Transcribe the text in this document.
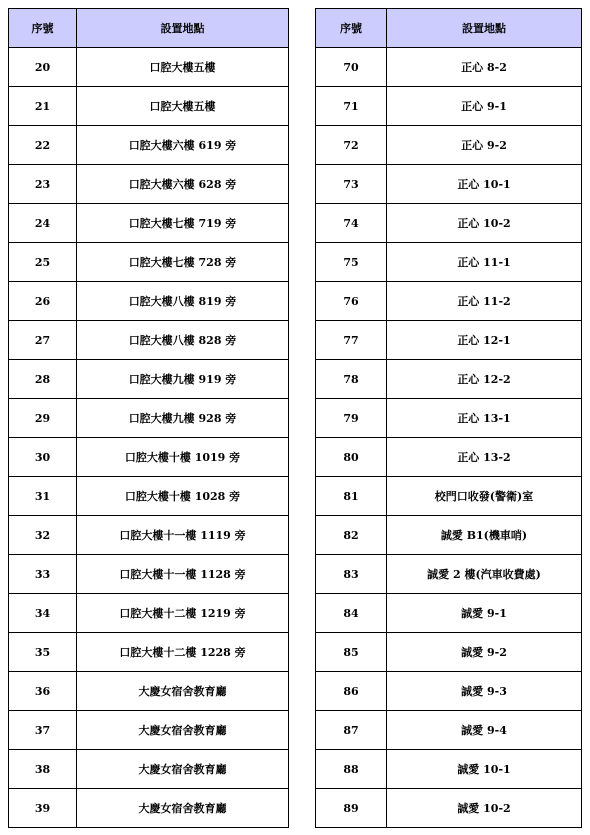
序號	設置地點
20	口腔大樓五樓
21	口腔大樓五樓
22	口腔大樓六樓 619 旁
23	口腔大樓六樓 628 旁
24	口腔大樓七樓 719 旁
25	口腔大樓七樓 728 旁
26	口腔大樓八樓 819 旁
27	口腔大樓八樓 828 旁
28	口腔大樓九樓 919 旁
29	口腔大樓九樓 928 旁
30	口腔大樓十樓 1019 旁
31	口腔大樓十樓 1028 旁
32	口腔大樓十一樓 1119 旁
33	口腔大樓十一樓 1128 旁
34	口腔大樓十二樓 1219 旁
35	口腔大樓十二樓 1228 旁
36	大慶女宿舍教育廳
37	大慶女宿舍教育廳
38	大慶女宿舍教育廳
39	大慶女宿舍教育廳
序號	設置地點
70	正心 8-2
71	正心 9-1
72	正心 9-2
73	正心 10-1
74	正心 10-2
75	正心 11-1
76	正心 11-2
77	正心 12-1
78	正心 12-2
79	正心 13-1
80	正心 13-2
81	校門口收發(警衛)室
82	誠愛 B1(機車哨)
83	誠愛 2 樓(汽車收費處)
84	誠愛 9-1
85	誠愛 9-2
86	誠愛 9-3
87	誠愛 9-4
88	誠愛 10-1
89	誠愛 10-2
